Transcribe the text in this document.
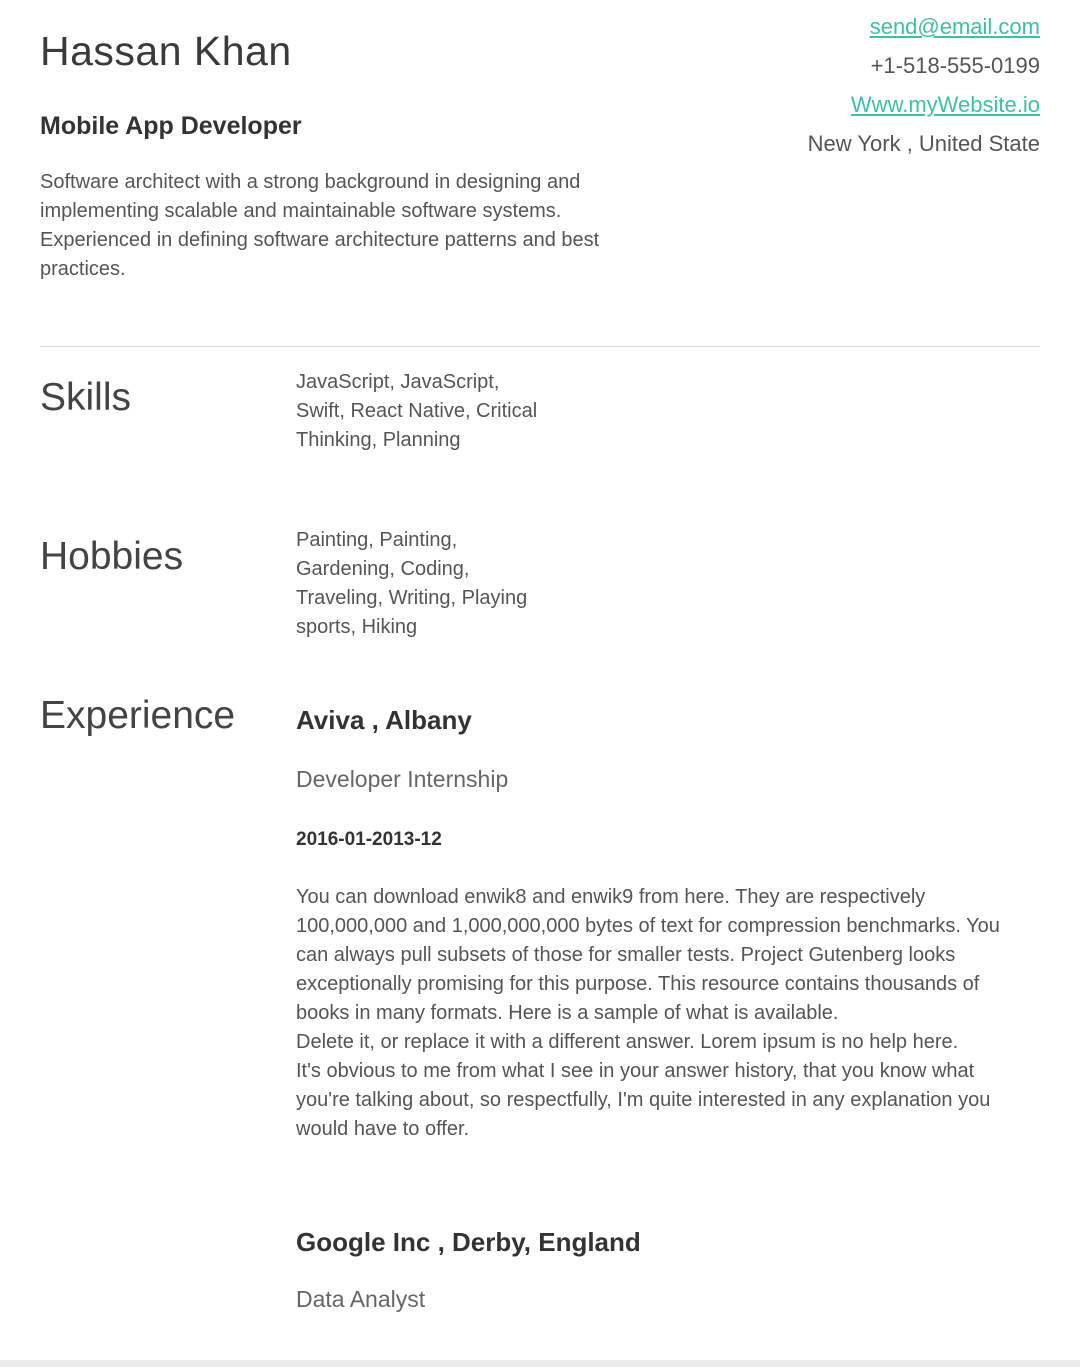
Hassan Khan
Mobile App Developer

Software architect with a strong background in designing and implementing scalable and maintainable software systems. Experienced in defining software architecture patterns and best practices.

send@email.com
+1-518-555-0199
Www.myWebsite.io
New York , United State
Skills	JavaScript, JavaScript, Swift, React Native, Critical Thinking, Planning

Hobbies	Painting, Painting, Gardening, Coding, Traveling, Writing, Playing sports, Hiking

Experience Aviva , Albany

Developer Internship

2016-01-2013-12

You can download enwik8 and enwik9 from here. They are respectively 100,000,000 and 1,000,000,000 bytes of text for compression benchmarks. You can always pull subsets of those for smaller tests. Project Gutenberg looks exceptionally promising for this purpose. This resource contains thousands of books in many formats. Here is a sample of what is available.

Delete it, or replace it with a different answer. Lorem ipsum is no help here.

It's obvious to me from what I see in your answer history, that you know what you're talking about, so respectfully, I'm quite interested in any explanation you would have to offer.

Google Inc , Derby, England

Data Analyst
